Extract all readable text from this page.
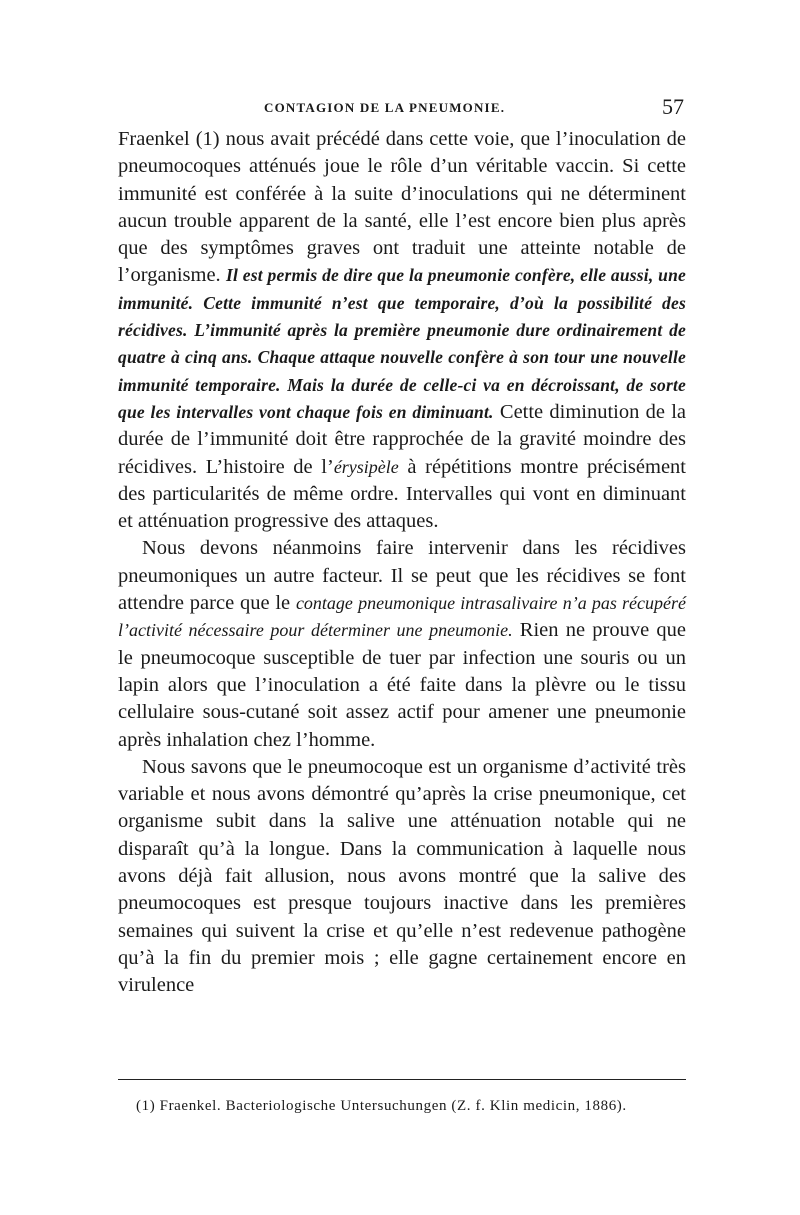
CONTAGION DE LA PNEUMONIE.	57

Fraenkel (1) nous avait précédé dans cette voie, que l’inoculation de pneumocoques atténués joue le rôle d’un véritable vaccin. Si cette immunité est conférée à la suite d’inoculations qui ne déterminent aucun trouble apparent de la santé, elle l’est encore bien plus après que des symptômes graves ont traduit une atteinte notable de l’organisme. Il est permis de dire que la pneumonie confère, elle aussi, une immunité. Cette immunité n’est que temporaire, d’où la possibilité des récidives. L’immunité après la première pneumonie dure ordinairement de quatre à cinq ans. Chaque attaque nouvelle confère à son tour une nouvelle immunité temporaire. Mais la durée de celle-ci va en décroissant, de sorte que les intervalles vont chaque fois en diminuant. Cette diminution de la durée de l’immunité doit être rapprochée de la gravité moindre des récidives. L’histoire de l’érysipèle à répétitions montre précisément des particularités de même ordre. Intervalles qui vont en diminuant et atténuation progressive des attaques.

Nous devons néanmoins faire intervenir dans les récidives pneumoniques un autre facteur. Il se peut que les récidives se font attendre parce que le contage pneumonique intrasalivaire n’a pas récupéré l’activité nécessaire pour déterminer une pneumonie. Rien ne prouve que le pneumocoque susceptible de tuer par infection une souris ou un lapin alors que l’inoculation a été faite dans la plèvre ou le tissu cellulaire sous-cutané soit assez actif pour amener une pneumonie après inhalation chez l’homme.

Nous savons que le pneumocoque est un organisme d’activité très variable et nous avons démontré qu’après la crise pneumonique, cet organisme subit dans la salive une atténuation notable qui ne disparaît qu’à la longue. Dans la communication à laquelle nous avons déjà fait allusion, nous avons montré que la salive des pneumocoques est presque toujours inactive dans les premières semaines qui suivent la crise et qu’elle n’est redevenue pathogène qu’à la fin du premier mois ; elle gagne certainement encore en virulence

(1) Fraenkel. Bacteriologische Untersuchungen (Z. f. Klin medicin, 1886).
